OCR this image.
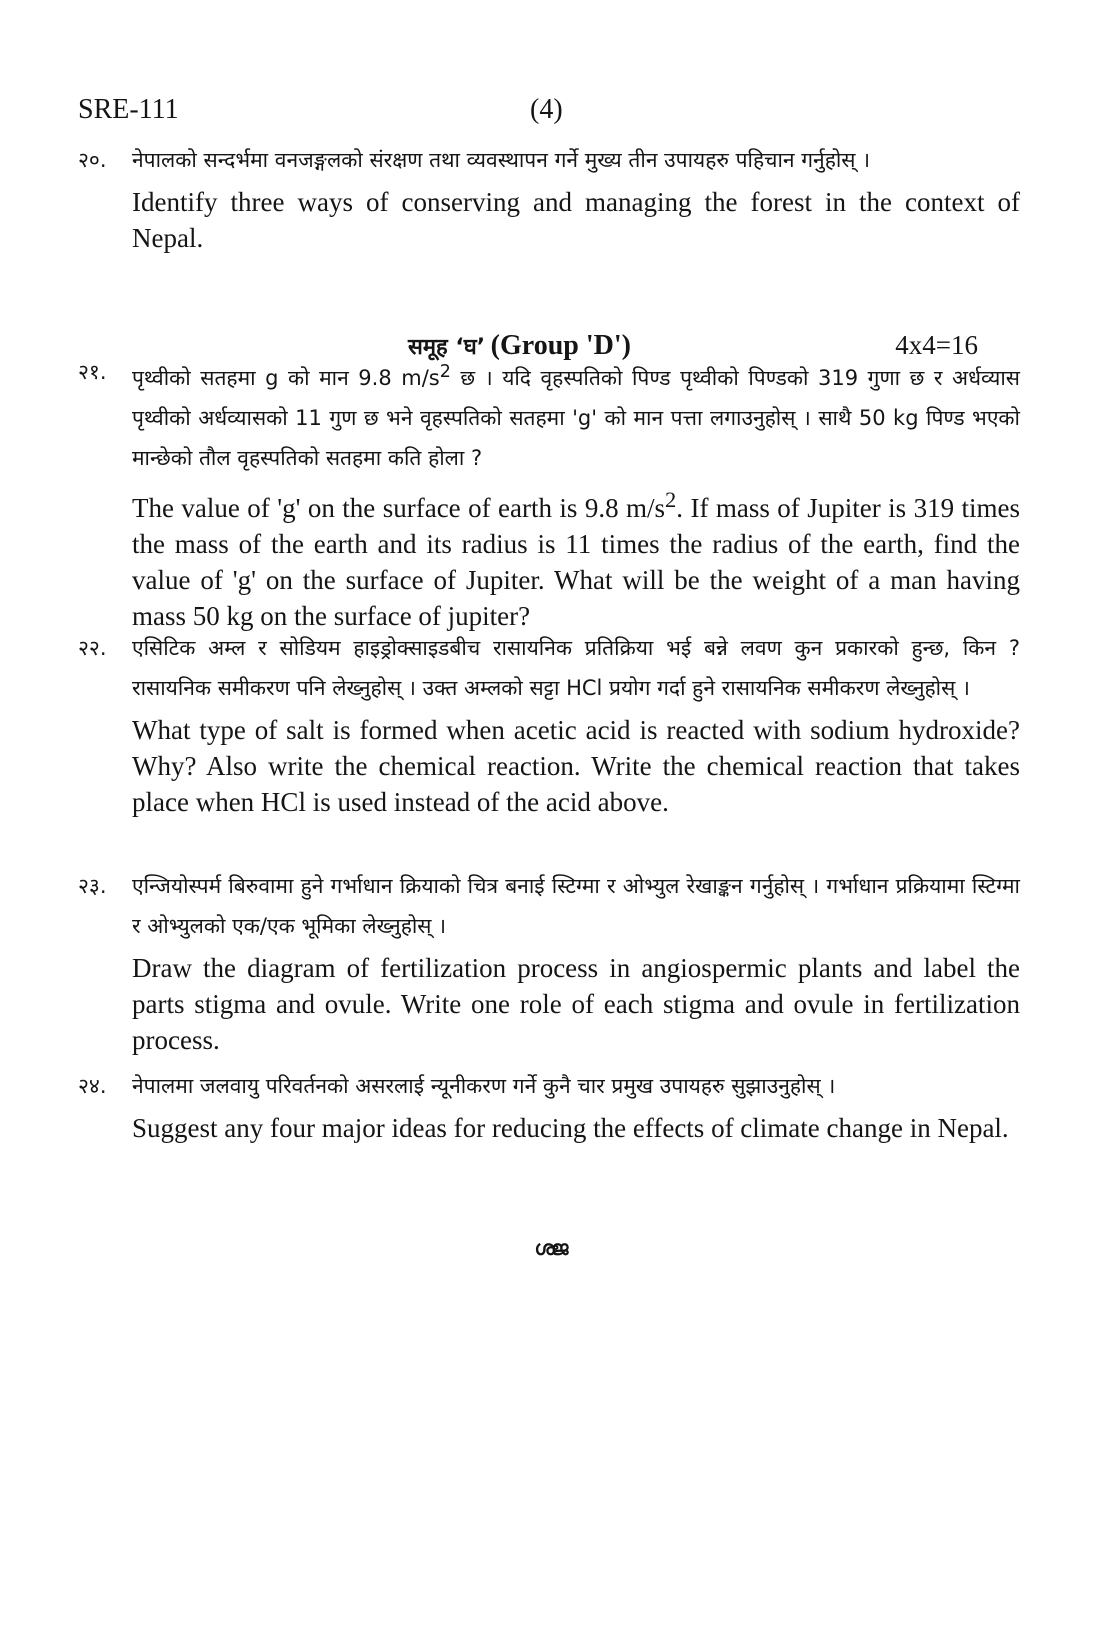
SRE-111	(4)
२०.	नेपालको सन्दर्भमा वनजङ्गलको संरक्षण तथा व्यवस्थापन गर्ने मुख्य तीन उपायहरु पहिचान गर्नुहोस् ।

Identify three ways of conserving and managing the forest in the context of Nepal.

समूह ‘घ’ (Group 'D')	4x4=16
२१.	पृथ्वीको सतहमा g को मान 9.8 $m/s^2$ छ । यदि वृहस्पतिको पिण्ड पृथ्वीको पिण्डको 319 गुणा छ र अर्धव्यास पृथ्वीको अर्धव्यासको 11 गुण छ भने वृहस्पतिको सतहमा 'g' को मान पत्ता लगाउनुहोस् । साथै 50 kg पिण्ड भएको मान्छेको तौल वृहस्पतिको सतहमा कति होला ?

The value of 'g' on the surface of earth is 9.8 $m/s^2$. If mass of Jupiter is 319 times the mass of the earth and its radius is 11 times the radius of the earth, find the value of 'g' on the surface of Jupiter. What will be the weight of a man having mass 50 kg on the surface of jupiter?

२२.	एसिटिक अम्ल र सोडियम हाइड्रोक्साइडबीच रासायनिक प्रतिक्रिया भई बन्ने लवण कुन प्रकारको हुन्छ, किन ? रासायनिक समीकरण पनि लेख्नुहोस् । उक्त अम्लको सट्टा HCl प्रयोग गर्दा हुने रासायनिक समीकरण लेख्नुहोस् ।

What type of salt is formed when acetic acid is reacted with sodium hydroxide? Why? Also write the chemical reaction. Write the chemical reaction that takes place when HCl is used instead of the acid above.

२३.	एन्जियोस्पर्म बिरुवामा हुने गर्भाधान क्रियाको चित्र बनाई स्टिग्मा र ओभ्युल रेखाङ्कन गर्नुहोस् । गर्भाधान प्रक्रियामा स्टिग्मा र ओभ्युलको एक/एक भूमिका लेख्नुहोस् ।

Draw the diagram of fertilization process in angiospermic plants and label the parts stigma and ovule. Write one role of each stigma and ovule in fertilization process.

२४.	नेपालमा जलवायु परिवर्तनको असरलाई न्यूनीकरण गर्ने कुनै चार प्रमुख उपायहरु सुझाउनुहोस् ।

Suggest any four major ideas for reducing the effects of climate change in Nepal.

ശജ
